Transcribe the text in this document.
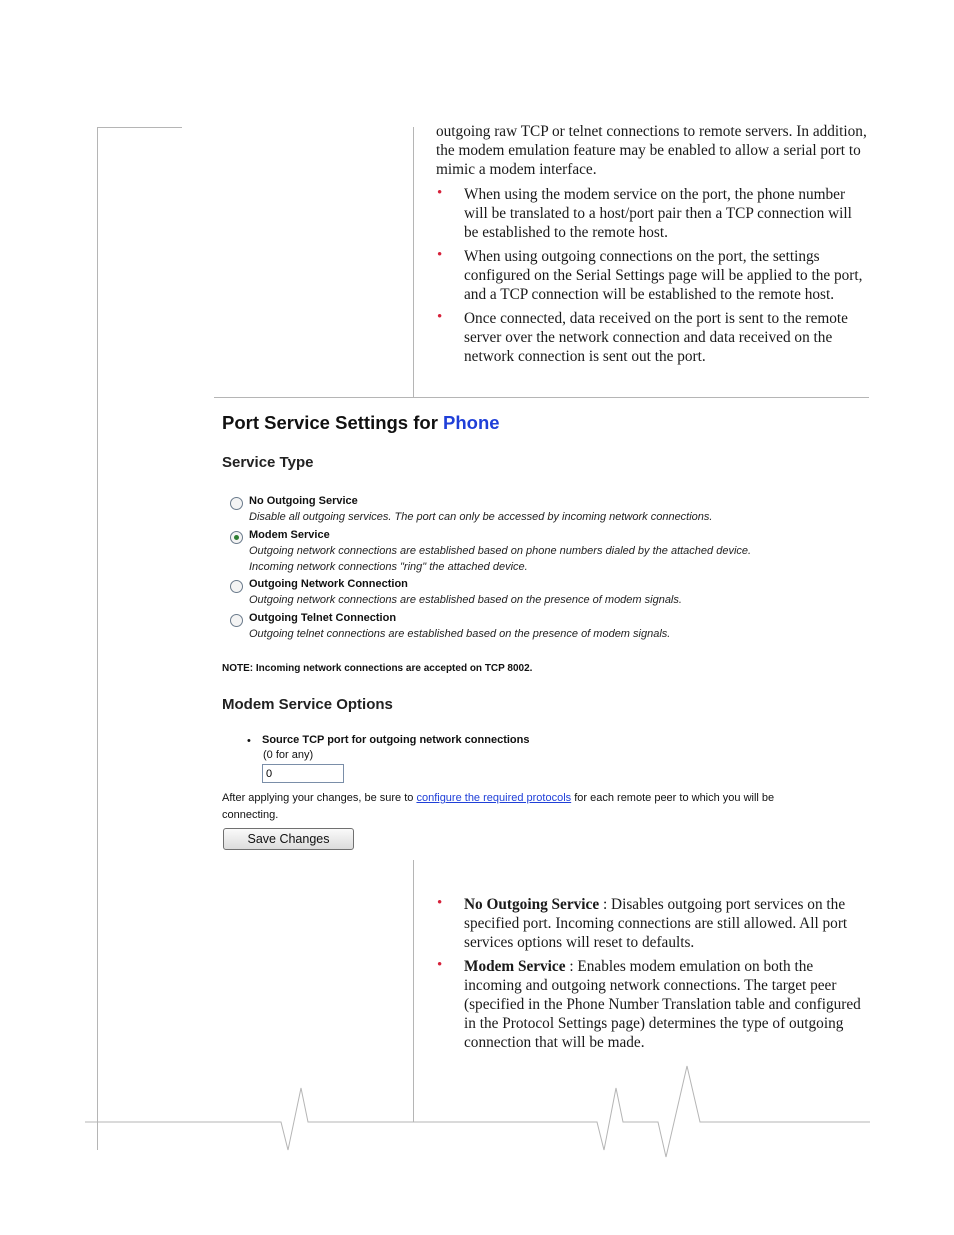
outgoing raw TCP or telnet connections to remote servers. In addition, the modem emulation feature may be enabled to allow a serial port to mimic a modem interface.

• When using the modem service on the port, the phone number will be translated to a host/port pair then a TCP connection will be established to the remote host.
• When using outgoing connections on the port, the settings configured on the Serial Settings page will be applied to the port, and a TCP connection will be established to the remote host.
• Once connected, data received on the port is sent to the remote server over the network connection and data received on the network connection is sent out the port.
Port Service Settings for Phone
Service Type
No Outgoing Service
Disable all outgoing services. The port can only be accessed by incoming network connections.
Modem Service
Outgoing network connections are established based on phone numbers dialed by the attached device.
Incoming network connections "ring" the attached device.
Outgoing Network Connection
Outgoing network connections are established based on the presence of modem signals.
Outgoing Telnet Connection
Outgoing telnet connections are established based on the presence of modem signals.
NOTE: Incoming network connections are accepted on TCP 8002.
Modem Service Options
• Source TCP port for outgoing network connections
(0 for any)
0
After applying your changes, be sure to configure the required protocols for each remote peer to which you will be connecting.
Save Changes
• No Outgoing Service : Disables outgoing port services on the specified port. Incoming connections are still allowed. All port services options will reset to defaults.
• Modem Service : Enables modem emulation on both the incoming and outgoing network connections. The target peer (specified in the Phone Number Translation table and configured in the Protocol Settings page) determines the type of outgoing connection that will be made.
